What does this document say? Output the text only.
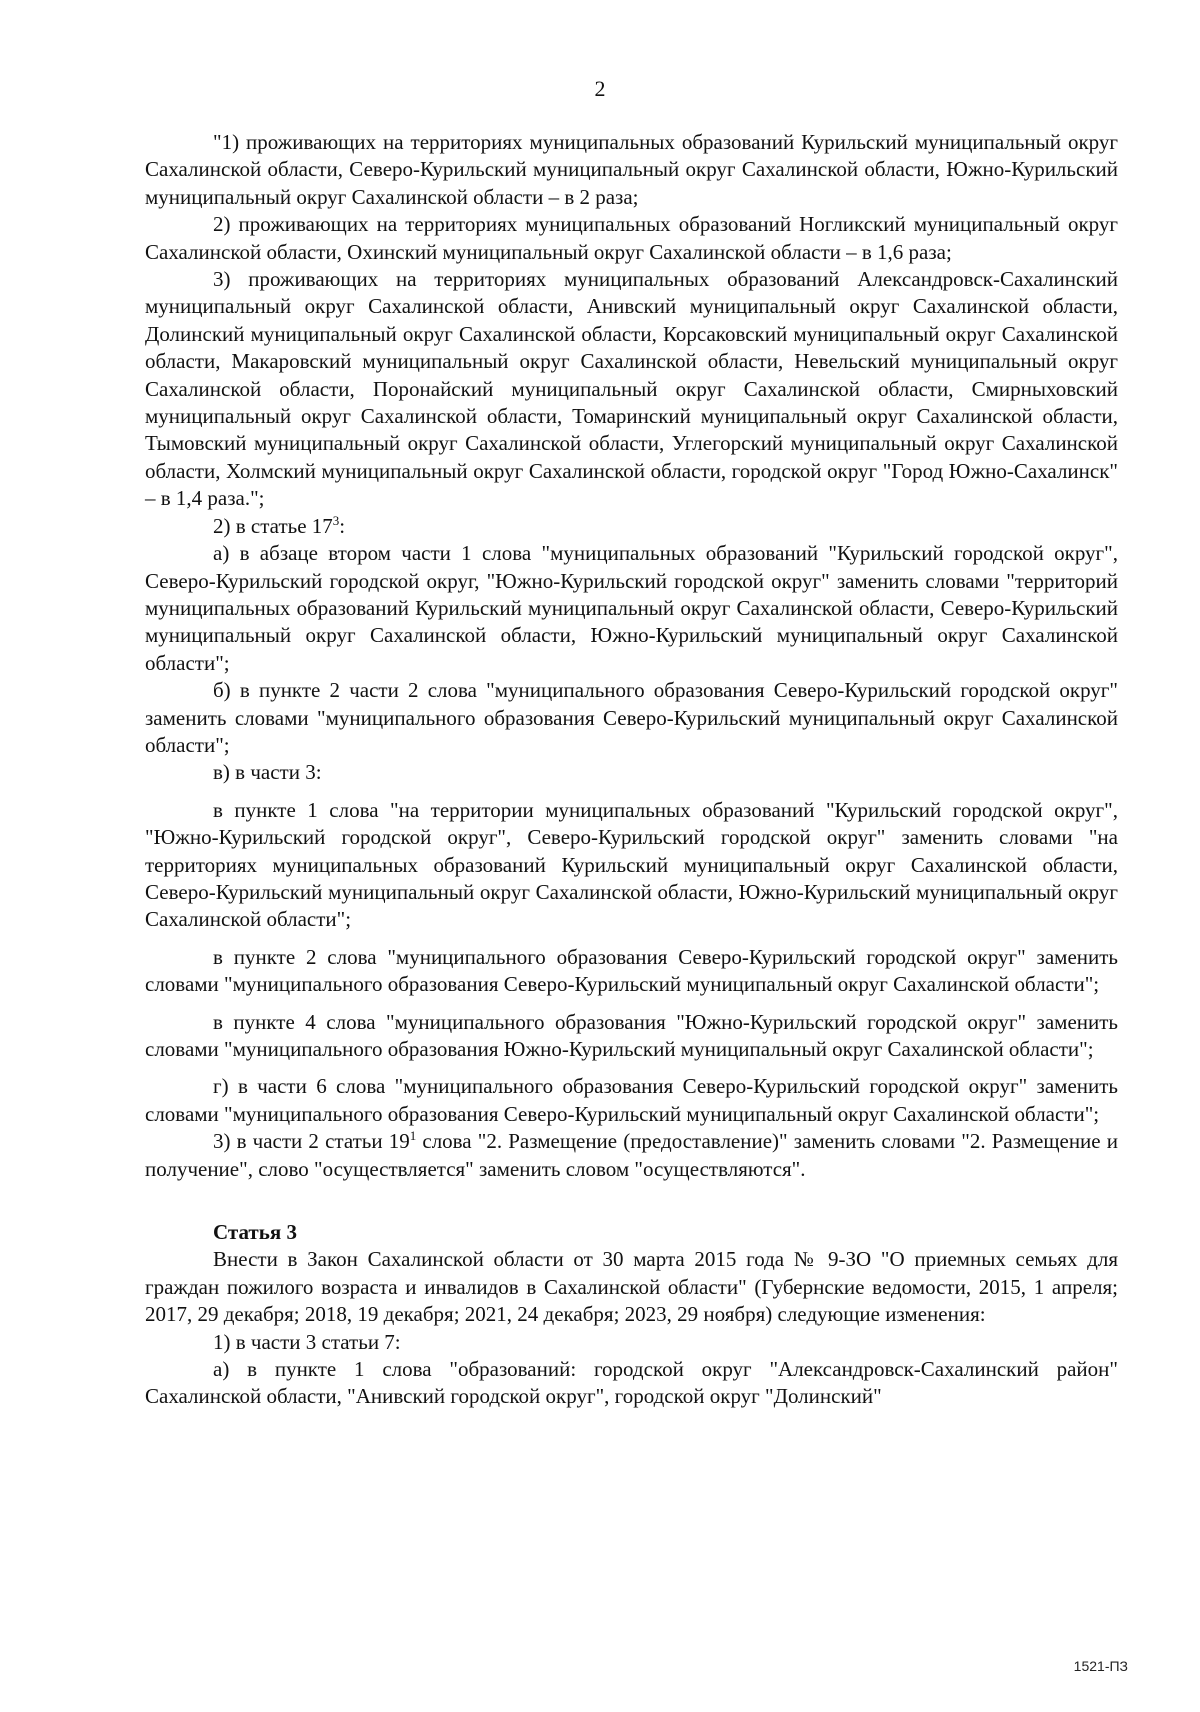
2

"1) проживающих на территориях муниципальных образований Курильский муниципальный округ Сахалинской области, Северо-Курильский муниципальный округ Сахалинской области, Южно-Курильский муниципальный округ Сахалинской области – в 2 раза;

2) проживающих на территориях муниципальных образований Ногликский муниципальный округ Сахалинской области, Охинский муниципальный округ Сахалинской области – в 1,6 раза;

3) проживающих на территориях муниципальных образований Александровск-Сахалинский муниципальный округ Сахалинской области, Анивский муниципальный округ Сахалинской области, Долинский муниципальный округ Сахалинской области, Корсаковский муниципальный округ Сахалинской области, Макаровский муниципальный округ Сахалинской области, Невельский муниципальный округ Сахалинской области, Поронайский муниципальный округ Сахалинской области, Смирныховский муниципальный округ Сахалинской области, Томаринский муниципальный округ Сахалинской области, Тымовский муниципальный округ Сахалинской области, Углегорский муниципальный округ Сахалинской области, Холмский муниципальный округ Сахалинской области, городской округ "Город Южно-Сахалинск" – в 1,4 раза.";

2) в статье $17^3$:

а) в абзаце втором части 1 слова "муниципальных образований "Курильский городской округ", Северо-Курильский городской округ, "Южно-Курильский городской округ" заменить словами "территорий муниципальных образований Курильский муниципальный округ Сахалинской области, Северо-Курильский муниципальный округ Сахалинской области, Южно-Курильский муниципальный округ Сахалинской области";

б) в пункте 2 части 2 слова "муниципального образования Северо-Курильский городской округ" заменить словами "муниципального образования Северо-Курильский муниципальный округ Сахалинской области";

в) в части 3:

в пункте 1 слова "на территории муниципальных образований "Курильский городской округ", "Южно-Курильский городской округ", Северо-Курильский городской округ" заменить словами "на территориях муниципальных образований Курильский муниципальный округ Сахалинской области, Северо-Курильский муниципальный округ Сахалинской области, Южно-Курильский муниципальный округ Сахалинской области";

в пункте 2 слова "муниципального образования Северо-Курильский городской округ" заменить словами "муниципального образования Северо-Курильский муниципальный округ Сахалинской области";

в пункте 4 слова "муниципального образования "Южно-Курильский городской округ" заменить словами "муниципального образования Южно-Курильский муниципальный округ Сахалинской области";

г) в части 6 слова "муниципального образования Северо-Курильский городской округ" заменить словами "муниципального образования Северо-Курильский муниципальный округ Сахалинской области";

3) в части 2 статьи $19^1$ слова "2. Размещение (предоставление)" заменить словами "2. Размещение и получение", слово "осуществляется" заменить словом "осуществляются".

Статья 3

Внести в Закон Сахалинской области от 30 марта 2015 года № 9-ЗО "О приемных семьях для граждан пожилого возраста и инвалидов в Сахалинской области" (Губернские ведомости, 2015, 1 апреля; 2017, 29 декабря; 2018, 19 декабря; 2021, 24 декабря; 2023, 29 ноября) следующие изменения:

1) в части 3 статьи 7:

а) в пункте 1 слова "образований: городской округ "Александровск-Сахалинский район" Сахалинской области, "Анивский городской округ", городской округ "Долинский"

1521-ПЗ
